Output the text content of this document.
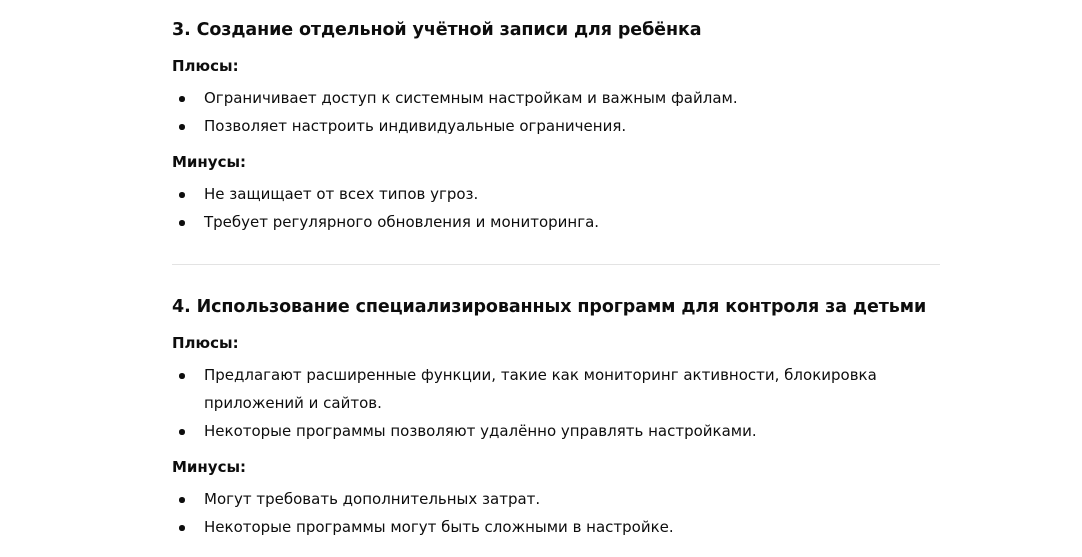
3. Создание отдельной учётной записи для ребёнка

Плюсы:

Ограничивает доступ к системным настройкам и важным файлам.
Позволяет настроить индивидуальные ограничения.

Минусы:

Не защищает от всех типов угроз.
Требует регулярного обновления и мониторинга.
4. Использование специализированных программ для контроля за детьми

Плюсы:

Предлагают расширенные функции, такие как мониторинг активности, блокировка приложений и сайтов.
Некоторые программы позволяют удалённо управлять настройками.

Минусы:

Могут требовать дополнительных затрат.
Некоторые программы могут быть сложными в настройке.
